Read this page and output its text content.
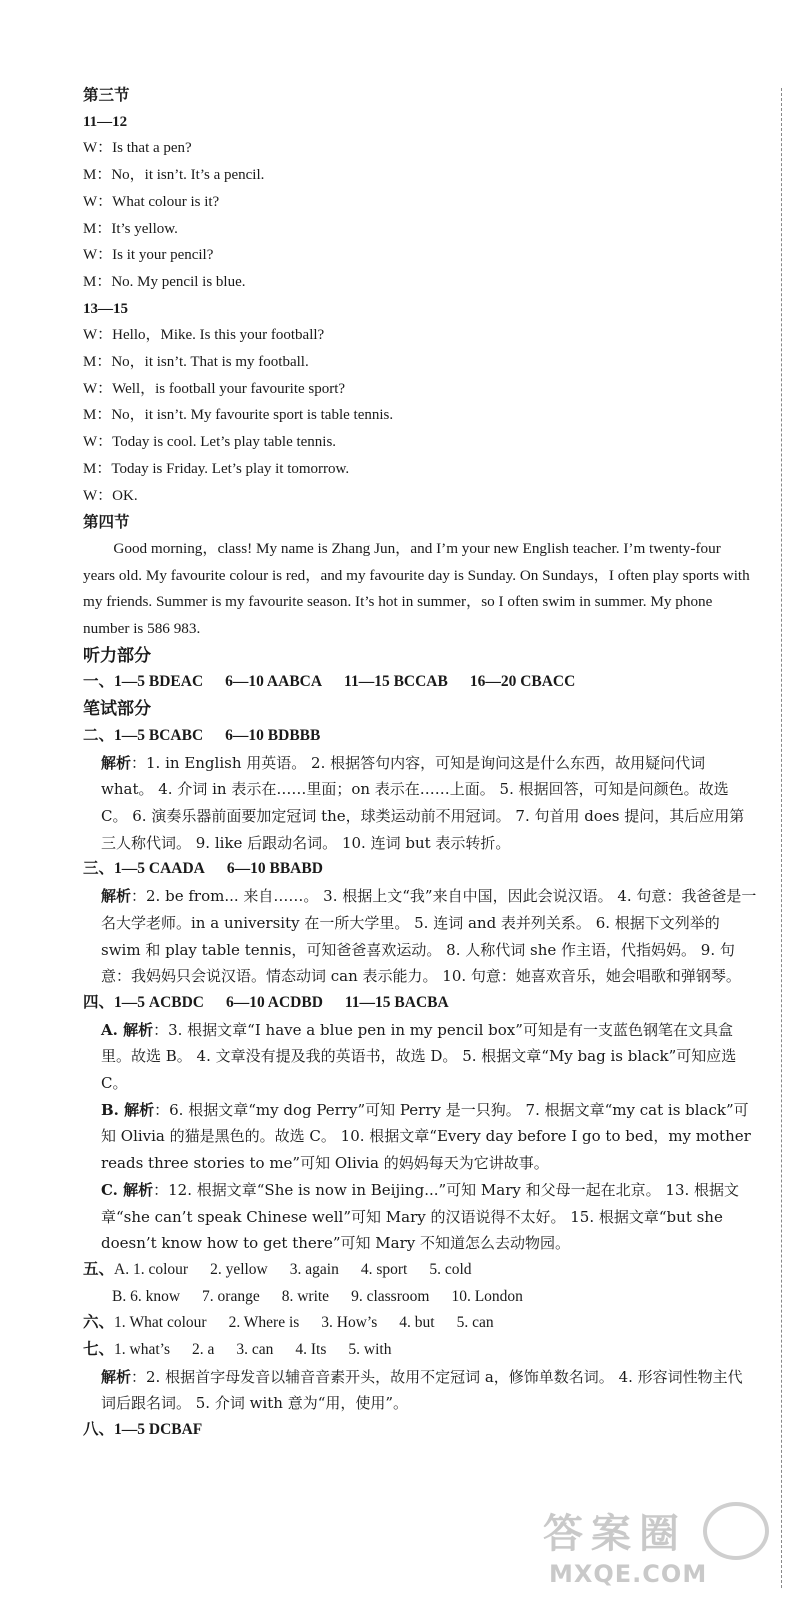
第三节
11—12
W：Is that a pen?
M：No，it isn’t. It’s a pencil.
W：What colour is it?
M：It’s yellow.
W：Is it your pencil?
M：No. My pencil is blue.
13—15
W：Hello，Mike. Is this your football?
M：No，it isn’t. That is my football.
W：Well，is football your favourite sport?
M：No，it isn’t. My favourite sport is table tennis.
W：Today is cool. Let’s play table tennis.
M：Today is Friday. Let’s play it tomorrow.
W：OK.
第四节
Good morning，class! My name is Zhang Jun，and I’m your new English teacher. I’m twenty-four years old. My favourite colour is red，and my favourite day is Sunday. On Sundays，I often play sports with my friends. Summer is my favourite season. It’s hot in summer，so I often swim in summer. My phone number is 586 983.
听力部分
一、1—5 BDEAC 6—10 AABCA 11—15 BCCAB 16—20 CBACC
笔试部分
二、1—5 BCABC 6—10 BDBBB
解析：1. in English 用英语。 2. 根据答句内容，可知是询问这是什么东西，故用疑问代词 what。 4. 介词 in 表示在……里面；on 表示在……上面。 5. 根据回答，可知是问颜色。故选 C。 6. 演奏乐器前面要加定冠词 the，球类运动前不用冠词。 7. 句首用 does 提问，其后应用第三人称代词。 9. like 后跟动名词。 10. 连词 but 表示转折。
三、1—5 CAADA 6—10 BBABD
解析：2. be from... 来自……。 3. 根据上文“我”来自中国，因此会说汉语。 4. 句意：我爸爸是一名大学老师。in a university 在一所大学里。 5. 连词 and 表并列关系。 6. 根据下文列举的 swim 和 play table tennis，可知爸爸喜欢运动。 8. 人称代词 she 作主语，代指妈妈。 9. 句意：我妈妈只会说汉语。情态动词 can 表示能力。 10. 句意：她喜欢音乐，她会唱歌和弹钢琴。
四、1—5 ACBDC 6—10 ACDBD 11—15 BACBA
A. 解析：3. 根据文章“I have a blue pen in my pencil box”可知是有一支蓝色钢笔在文具盒里。故选 B。 4. 文章没有提及我的英语书，故选 D。 5. 根据文章“My bag is black”可知应选 C。
B. 解析：6. 根据文章“my dog Perry”可知 Perry 是一只狗。 7. 根据文章“my cat is black”可知 Olivia 的猫是黑色的。故选 C。 10. 根据文章“Every day before I go to bed，my mother reads three stories to me”可知 Olivia 的妈妈每天为它讲故事。
C. 解析：12. 根据文章“She is now in Beijing...”可知 Mary 和父母一起在北京。 13. 根据文章“she can’t speak Chinese well”可知 Mary 的汉语说得不太好。 15. 根据文章“but she doesn’t know how to get there”可知 Mary 不知道怎么去动物园。
五、A. 1. colour 2. yellow 3. again 4. sport 5. cold
B. 6. know 7. orange 8. write 9. classroom 10. London
六、1. What colour 2. Where is 3. How’s 4. but 5. can
七、1. what’s 2. a 3. can 4. Its 5. with
解析：2. 根据首字母发音以辅音音素开头，故用不定冠词 a，修饰单数名词。 4. 形容词性物主代词后跟名词。 5. 介词 with 意为“用，使用”。
八、1—5 DCBAF
答案圈
MXQE.COM
